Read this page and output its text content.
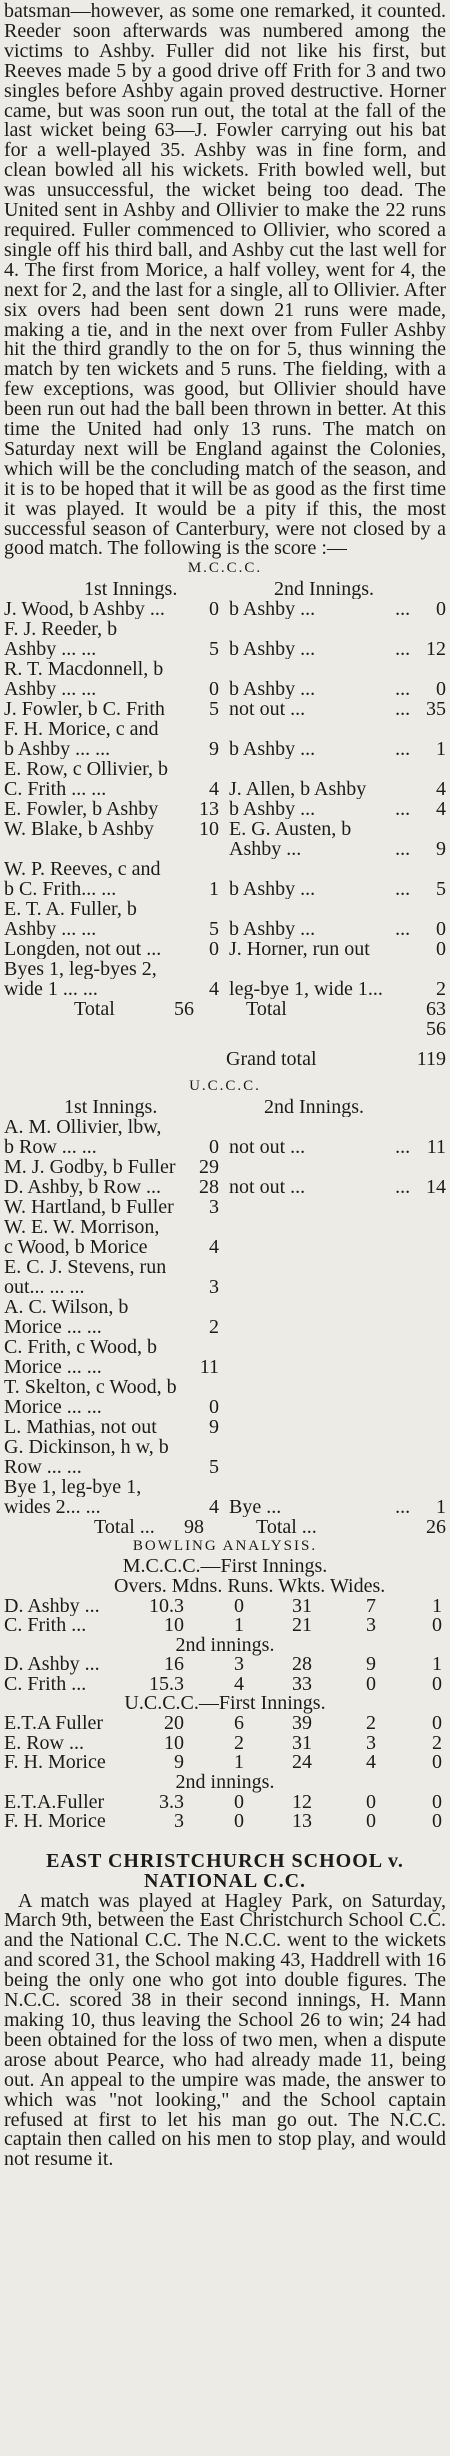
batsman—however, as some one remarked, it counted. Reeder soon afterwards was numbered among the victims to Ashby. Fuller did not like his first, but Reeves made 5 by a good drive off Frith for 3 and two singles before Ashby again proved destructive. Horner came, but was soon run out, the total at the fall of the last wicket being 63—J. Fowler carrying out his bat for a well-played 35. Ashby was in fine form, and clean bowled all his wickets. Frith bowled well, but was unsuccessful, the wicket being too dead. The United sent in Ashby and Ollivier to make the 22 runs required. Fuller commenced to Ollivier, who scored a single off his third ball, and Ashby cut the last well for 4. The first from Morice, a half volley, went for 4, the next for 2, and the last for a single, all to Ollivier. After six overs had been sent down 21 runs were made, making a tie, and in the next over from Fuller Ashby hit the third grandly to the on for 5, thus winning the match by ten wickets and 5 runs. The fielding, with a few exceptions, was good, but Ollivier should have been run out had the ball been thrown in better. At this time the United had only 13 runs. The match on Saturday next will be England against the Colonies, which will be the concluding match of the season, and it is to be hoped that it will be as good as the first time it was played. It would be a pity if this, the most successful season of Canterbury, were not closed by a good match. The following is the score :—

M.C.C.C.
1st Innings.	2nd Innings.
J. Wood, b Ashby ...	0 b Ashby ...	...	0
F. J. Reeder, b
Ashby ... ...	5 b Ashby ...	... 12
R. T. Macdonnell, b
Ashby ... ...	0 b Ashby ...	...	0
J. Fowler, b C. Frith	5 not out ...	... 35
F. H. Morice, c and
b Ashby ... ...	9 b Ashby ...	...	1
E. Row, c Ollivier, b
C. Frith ... ...	4 J. Allen, b Ashby	4
E. Fowler, b Ashby	13 b Ashby ...	...	4
W. Blake, b Ashby	10 E. G. Austen, b
Ashby ...	...	9
W. P. Reeves, c and
b C. Frith... ...	1 b Ashby ...	...	5
E. T. A. Fuller, b
Ashby ... ...	5 b Ashby ...	...	0
Longden, not out ...	0 J. Horner, run out	0
Byes 1, leg-byes 2,
wide 1 ... ...	4 leg-bye 1, wide 1...	2
Total	56	Total	63
56
Grand total	119
U.C.C.C.
1st Innings.	2nd Innings.
A. M. Ollivier, lbw,
b Row ... ...	0 not out ...	... 11
M. J. Godby, b Fuller	29
D. Ashby, b Row ...	28 not out ...	... 14
W. Hartland, b Fuller	3
W. E. W. Morrison,
c Wood, b Morice	4
E. C. J. Stevens, run
out... ... ...	3
A. C. Wilson, b
Morice ... ...	2
C. Frith, c Wood, b
Morice ... ...	11
T. Skelton, c Wood, b
Morice ... ...	0
L. Mathias, not out	9
G. Dickinson, h w, b
Row ... ...	5
Bye 1, leg-bye 1,
wides 2... ...	4 Bye ...	...	1
Total ...	98	Total ...	26
BOWLING ANALYSIS.
M.C.C.C.—First Innings.
Overs. Mdns. Runs. Wkts. Wides.
D. Ashby ...	10.3	0	31	7	1
C. Frith ...	10	1	21	3	0
2nd innings.
D. Ashby ...	16	3	28	9	1
C. Frith ...	15.3	4	33	0	0
U.C.C.C.—First Innings.
E.T.A Fuller	20	6	39	2	0
E. Row ...	10	2	31	3	2
F. H. Morice	9	1	24	4	0
2nd innings.
E.T.A.Fuller	3.3	0	12	0	0
F. H. Morice	3	0	13	0	0
EAST CHRISTCHURCH SCHOOL v. NATIONAL C.C.

A match was played at Hagley Park, on Saturday, March 9th, between the East Christchurch School C.C. and the National C.C. The N.C.C. went to the wickets and scored 31, the School making 43, Haddrell with 16 being the only one who got into double figures. The N.C.C. scored 38 in their second innings, H. Mann making 10, thus leaving the School 26 to win; 24 had been obtained for the loss of two men, when a dispute arose about Pearce, who had already made 11, being out. An appeal to the umpire was made, the answer to which was "not looking," and the School captain refused at first to let his man go out. The N.C.C. captain then called on his men to stop play, and would not resume it.
